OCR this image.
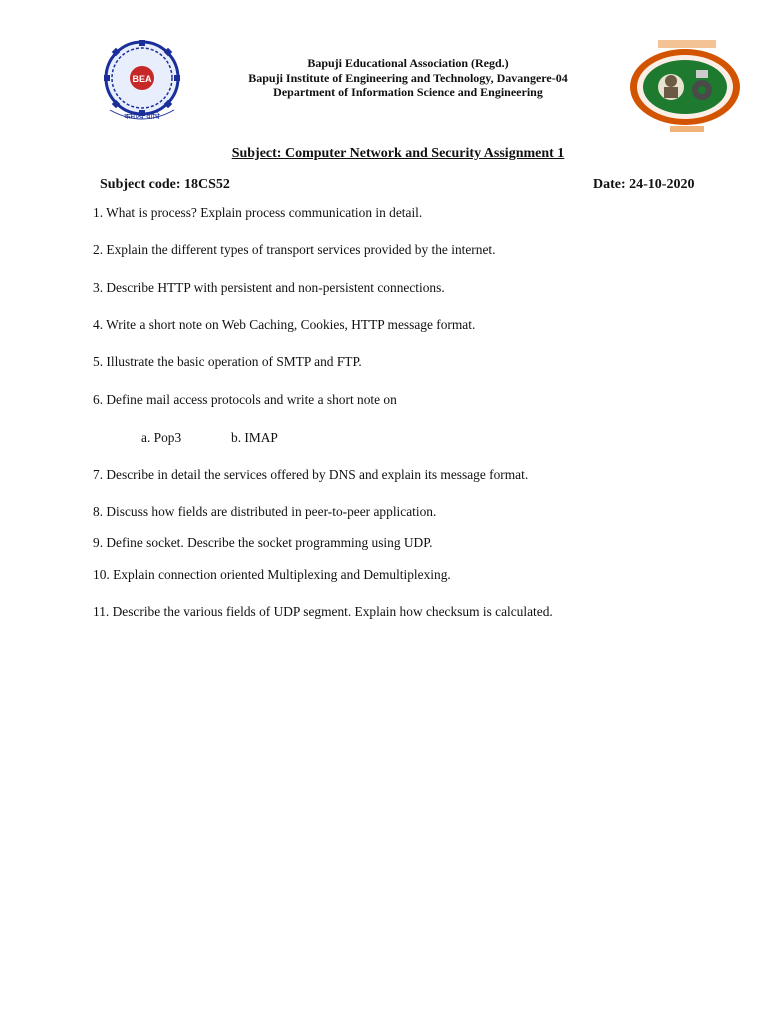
BEA
कर्मण्ये वाधि
Bapuji Educational Association (Regd.)
Bapuji Institute of Engineering and Technology, Davangere-04
Department of Information Science and Engineering
Subject: Computer Network and Security Assignment 1
Subject code: 18CS52	Date: 24-10-2020
1. What is process? Explain process communication in detail.
2. Explain the different types of transport services provided by the internet.
3. Describe HTTP with persistent and non-persistent connections.
4. Write a short note on Web Caching, Cookies, HTTP message format.
5. Illustrate the basic operation of SMTP and FTP.
6. Define mail access protocols and write a short note on
a. Pop3	b. IMAP
7. Describe in detail the services offered by DNS and explain its message format.
8. Discuss how fields are distributed in peer-to-peer application.
9. Define socket. Describe the socket programming using UDP.
10. Explain connection oriented Multiplexing and Demultiplexing.
11. Describe the various fields of UDP segment. Explain how checksum is calculated.
